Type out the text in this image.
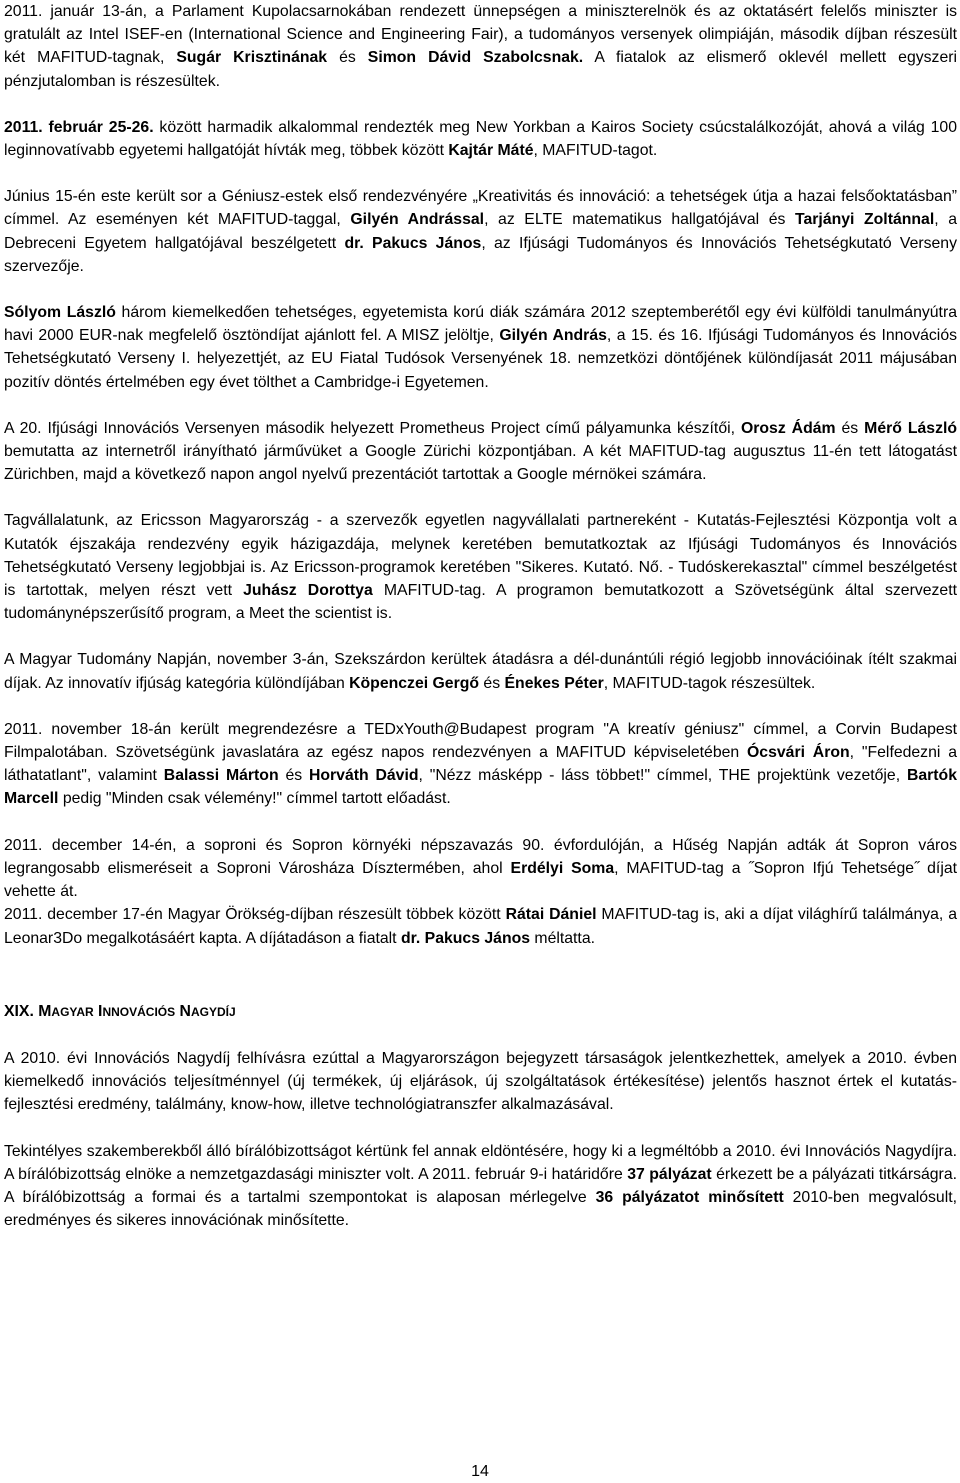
2011. január 13-án, a Parlament Kupolacsarnokában rendezett ünnepségen a miniszterelnök és az oktatásért felelős miniszter is gratulált az Intel ISEF-en (International Science and Engineering Fair), a tudományos versenyek olimpiáján, második díjban részesült két MAFITUD-tagnak, Sugár Krisztinának és Simon Dávid Szabolcsnak. A fiatalok az elismerő oklevél mellett egyszeri pénzjutalomban is részesültek.

2011. február 25-26. között harmadik alkalommal rendezték meg New Yorkban a Kairos Society csúcstalálkozóját, ahová a világ 100 leginnovatívabb egyetemi hallgatóját hívták meg, többek között Kajtár Máté, MAFITUD-tagot.

Június 15-én este került sor a Géniusz-estek első rendezvényére „Kreativitás és innováció: a tehetségek útja a hazai felsőoktatásban” címmel. Az eseményen két MAFITUD-taggal, Gilyén Andrással, az ELTE matematikus hallgatójával és Tarjányi Zoltánnal, a Debreceni Egyetem hallgatójával beszélgetett dr. Pakucs János, az Ifjúsági Tudományos és Innovációs Tehetségkutató Verseny szervezője.

Sólyom László három kiemelkedően tehetséges, egyetemista korú diák számára 2012 szeptemberétől egy évi külföldi tanulmányútra havi 2000 EUR-nak megfelelő ösztöndíjat ajánlott fel. A MISZ jelöltje, Gilyén András, a 15. és 16. Ifjúsági Tudományos és Innovációs Tehetségkutató Verseny I. helyezettjét, az EU Fiatal Tudósok Versenyének 18. nemzetközi döntőjének különdíjasát 2011 májusában pozitív döntés értelmében egy évet tölthet a Cambridge-i Egyetemen.

A 20. Ifjúsági Innovációs Versenyen második helyezett Prometheus Project című pályamunka készítői, Orosz Ádám és Mérő László bemutatta az internetről irányítható járművüket a Google Zürichi központjában. A két MAFITUD-tag augusztus 11-én tett látogatást Zürichben, majd a következő napon angol nyelvű prezentációt tartottak a Google mérnökei számára.

Tagvállalatunk, az Ericsson Magyarország - a szervezők egyetlen nagyvállalati partnereként - Kutatás-Fejlesztési Központja volt a Kutatók éjszakája rendezvény egyik házigazdája, melynek keretében bemutatkoztak az Ifjúsági Tudományos és Innovációs Tehetségkutató Verseny legjobbjai is. Az Ericsson-programok keretében "Sikeres. Kutató. Nő. - Tudóskerekasztal" címmel beszélgetést is tartottak, melyen részt vett Juhász Dorottya MAFITUD-tag. A programon bemutatkozott a Szövetségünk által szervezett tudománynépszerűsítő program, a Meet the scientist is.

A Magyar Tudomány Napján, november 3-án, Szekszárdon kerültek átadásra a dél-dunántúli régió legjobb innovációinak ítélt szakmai díjak. Az innovatív ifjúság kategória különdíjában Köpenczei Gergő és Énekes Péter, MAFITUD-tagok részesültek.

2011. november 18-án került megrendezésre a TEDxYouth@Budapest program "A kreatív géniusz" címmel, a Corvin Budapest Filmpalotában. Szövetségünk javaslatára az egész napos rendezvényen a MAFITUD képviseletében Ócsvári Áron, "Felfedezni a láthatatlant", valamint Balassi Márton és Horváth Dávid, "Nézz másképp - láss többet!" címmel, THE projektünk vezetője, Bartók Marcell pedig "Minden csak vélemény!" címmel tartott előadást.

2011. december 14-én, a soproni és Sopron környéki népszavazás 90. évfordulóján, a Hűség Napján adták át Sopron város legrangosabb elismeréseit a Soproni Városháza Dísztermében, ahol Erdélyi Soma, MAFITUD-tag a ˝Sopron Ifjú Tehetsége˝ díjat vehette át.

2011. december 17-én Magyar Örökség-díjban részesült többek között Rátai Dániel MAFITUD-tag is, aki a díjat világhírű találmánya, a Leonar3Do megalkotásáért kapta. A díjátadáson a fiatalt dr. Pakucs János méltatta.

XIX. MAGYAR INNOVÁCIÓS NAGYDÍJ

A 2010. évi Innovációs Nagydíj felhívásra ezúttal a Magyarországon bejegyzett társaságok jelentkezhettek, amelyek a 2010. évben kiemelkedő innovációs teljesítménnyel (új termékek, új eljárások, új szolgáltatások értékesítése) jelentős hasznot értek el kutatás-fejlesztési eredmény, találmány, know-how, illetve technológiatranszfer alkalmazásával.

Tekintélyes szakemberekből álló bírálóbizottságot kértünk fel annak eldöntésére, hogy ki a legméltóbb a 2010. évi Innovációs Nagydíjra. A bírálóbizottság elnöke a nemzetgazdasági miniszter volt. A 2011. február 9-i határidőre 37 pályázat érkezett be a pályázati titkárságra. A bírálóbizottság a formai és a tartalmi szempontokat is alaposan mérlegelve 36 pályázatot minősített 2010-ben megvalósult, eredményes és sikeres innovációnak minősítette.

14
